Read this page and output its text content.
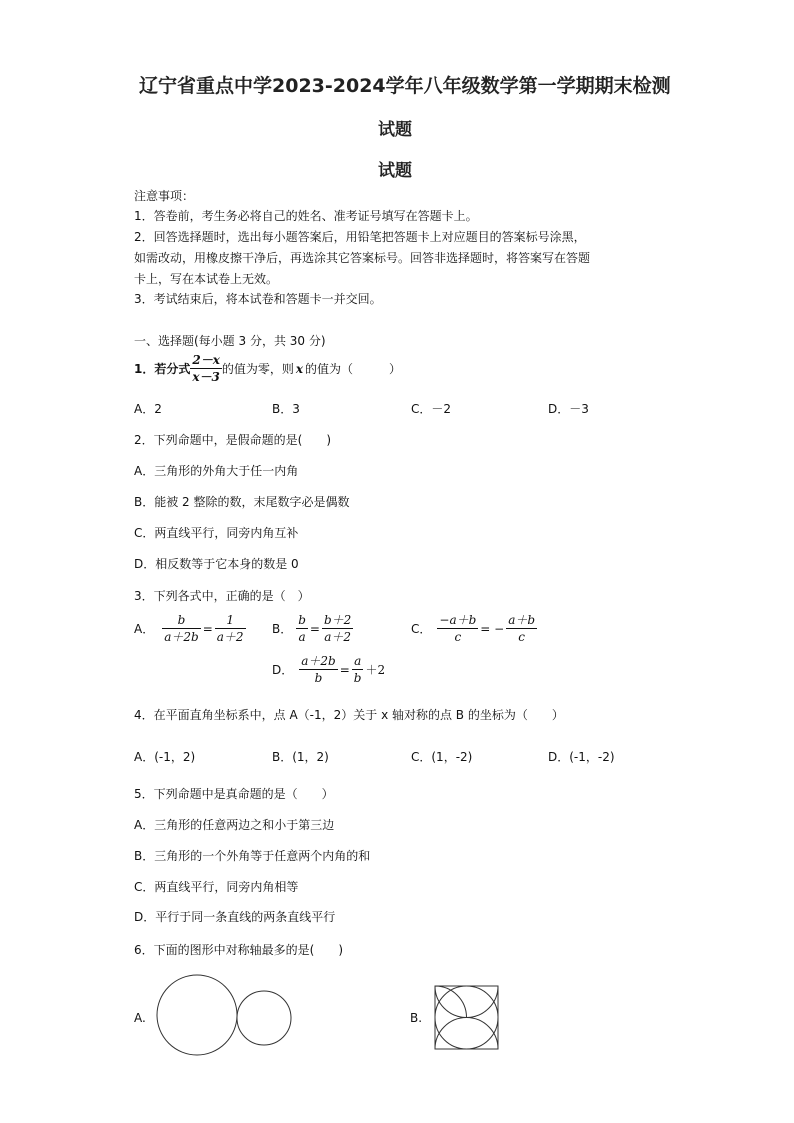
辽宁省重点中学2023-2024学年八年级数学第一学期期末检测
试题
试题
注意事项：
1．答卷前，考生务必将自己的姓名、准考证号填写在答题卡上。
2．回答选择题时，选出每小题答案后，用铅笔把答题卡上对应题目的答案标号涂黑，
如需改动，用橡皮擦干净后，再选涂其它答案标号。回答非选择题时，将答案写在答题
卡上，写在本试卷上无效。
3．考试结束后，将本试卷和答题卡一并交回。
一、选择题(每小题 3 分，共 30 分)
1．若分式 $\frac{2-x}{x-3}$ 的值为零，则 x 的值为（　　　）
A．2	B．3	C．－2	D．－3
2．下列命题中，是假命题的是(　　)
A．三角形的外角大于任一内角
B．能被 2 整除的数，末尾数字必是偶数
C．两直线平行，同旁内角互补
D．相反数等于它本身的数是 0
3．下列各式中，正确的是（　）
A． $\frac{b}{a+2b} = \frac{1}{a+2}$ B． $\frac{b}{a} = \frac{b+2}{a+2}$	C． $\frac{-a+b}{c}$ = − $\frac{a+b}{c}$
D． $\frac{a+2b}{b} = \frac{a}{b} +2$
4．在平面直角坐标系中，点 A（-1，2）关于 x 轴对称的点 B 的坐标为（　　）
A．(-1，2)	B．(1，2)	C．(1，-2)	D．(-1，-2)
5．下列命题中是真命题的是（　　）
A．三角形的任意两边之和小于第三边
B．三角形的一个外角等于任意两个内角的和
C．两直线平行，同旁内角相等
D．平行于同一条直线的两条直线平行
6．下面的图形中对称轴最多的是(　　)
A.	B.
